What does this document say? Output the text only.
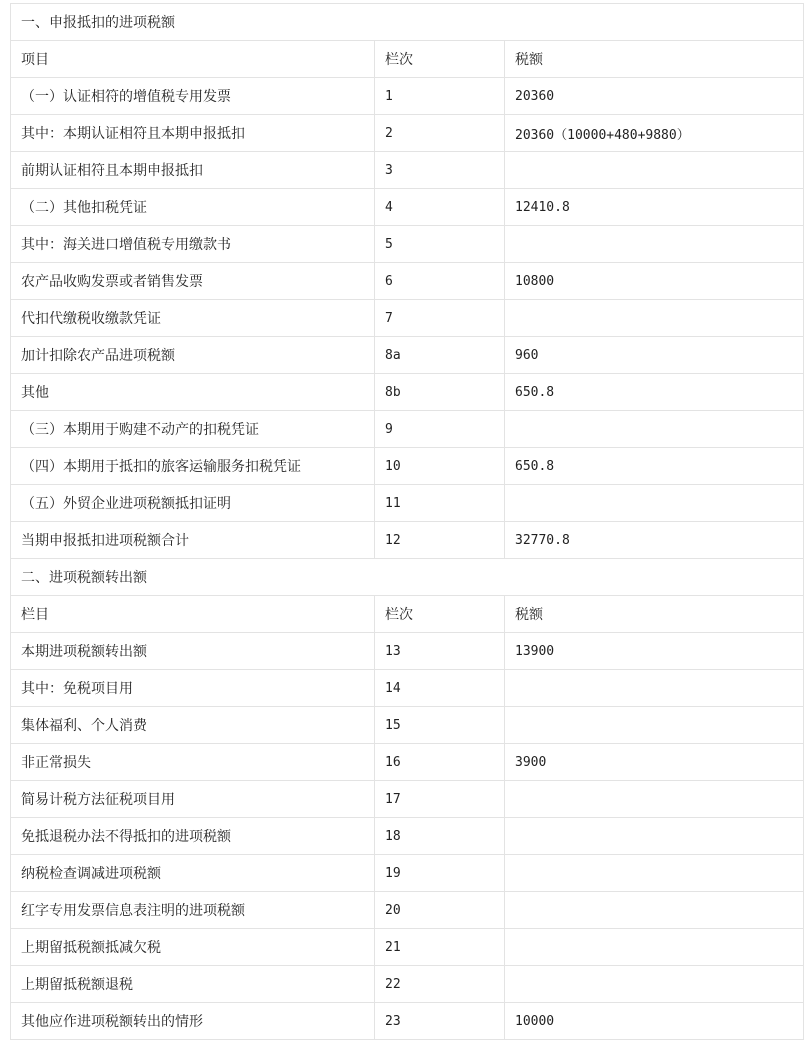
一、申报抵扣的进项税额		
项目	栏次	税额
（一）认证相符的增值税专用发票	1	20360
其中：本期认证相符且本期申报抵扣	2	20360（10000+480+9880）
前期认证相符且本期申报抵扣	3	
（二）其他扣税凭证	4	12410.8
其中：海关进口增值税专用缴款书	5	
农产品收购发票或者销售发票	6	10800
代扣代缴税收缴款凭证	7	
加计扣除农产品进项税额	8a	960
其他	8b	650.8
（三）本期用于购建不动产的扣税凭证	9	
（四）本期用于抵扣的旅客运输服务扣税凭证	10	650.8
（五）外贸企业进项税额抵扣证明	11	
当期申报抵扣进项税额合计	12	32770.8
二、进项税额转出额		
栏目	栏次	税额
本期进项税额转出额	13	13900
其中：免税项目用	14	
集体福利、个人消费	15	
非正常损失	16	3900
简易计税方法征税项目用	17	
免抵退税办法不得抵扣的进项税额	18	
纳税检查调减进项税额	19	
红字专用发票信息表注明的进项税额	20	
上期留抵税额抵减欠税	21	
上期留抵税额退税	22	
其他应作进项税额转出的情形	23	10000
